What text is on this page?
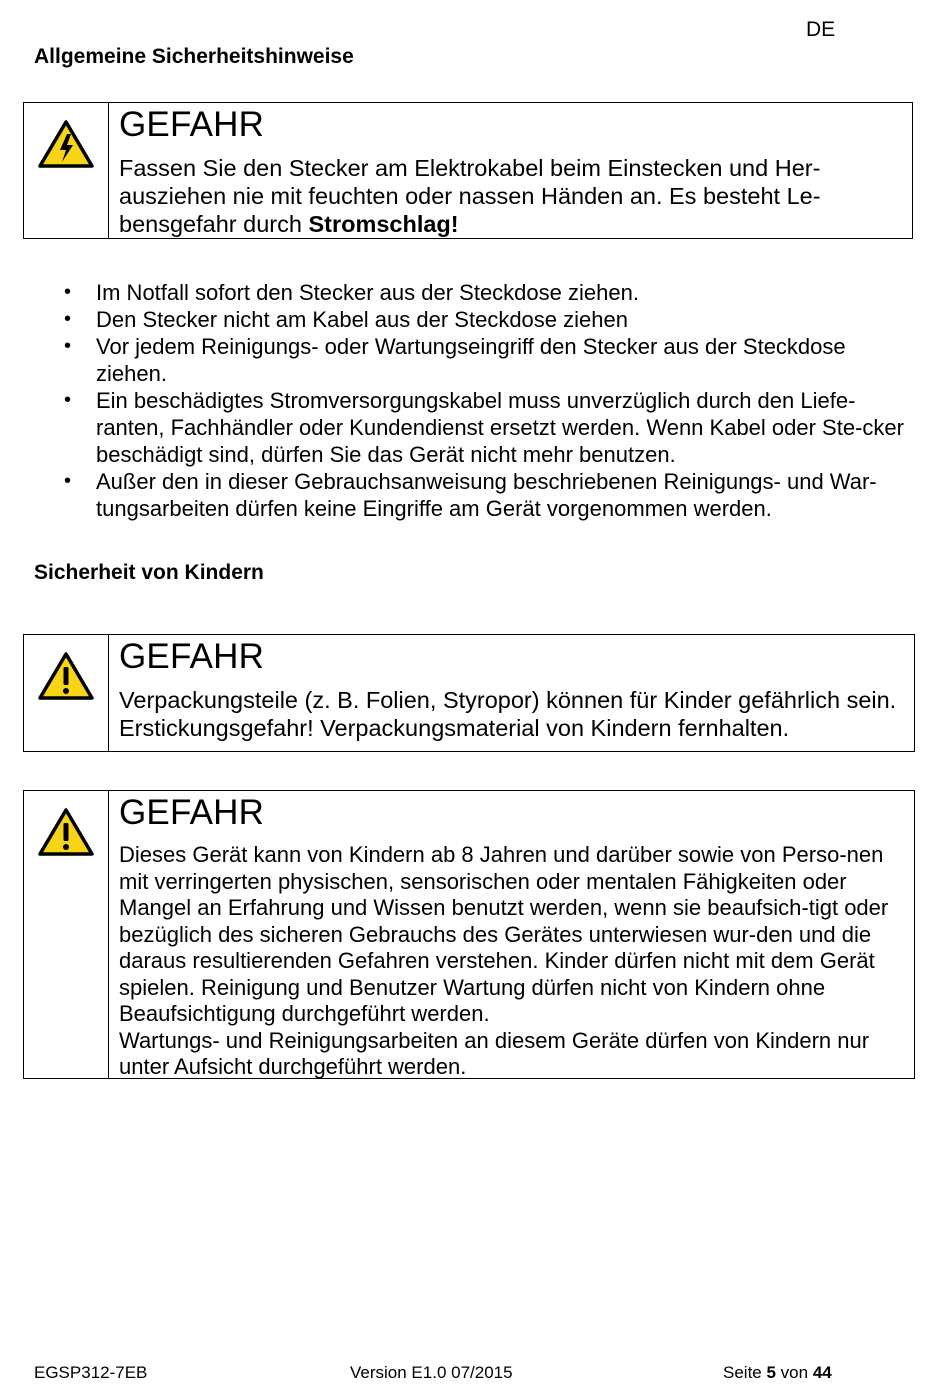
DE
Allgemeine Sicherheitshinweise
GEFAHR
Fassen Sie den Stecker am Elektrokabel beim Einstecken und Her-ausziehen nie mit feuchten oder nassen Händen an. Es besteht Le-bensgefahr durch Stromschlag!
• Im Notfall sofort den Stecker aus der Steckdose ziehen.
• Den Stecker nicht am Kabel aus der Steckdose ziehen
• Vor jedem Reinigungs- oder Wartungseingriff den Stecker aus der Steckdose ziehen.
• Ein beschädigtes Stromversorgungskabel muss unverzüglich durch den Liefe-ranten, Fachhändler oder Kundendienst ersetzt werden. Wenn Kabel oder Ste-cker beschädigt sind, dürfen Sie das Gerät nicht mehr benutzen.
• Außer den in dieser Gebrauchsanweisung beschriebenen Reinigungs- und War-tungsarbeiten dürfen keine Eingriffe am Gerät vorgenommen werden.
Sicherheit von Kindern
GEFAHR
Verpackungsteile (z. B. Folien, Styropor) können für Kinder gefährlich sein. Erstickungsgefahr! Verpackungsmaterial von Kindern fernhalten.
GEFAHR
Dieses Gerät kann von Kindern ab 8 Jahren und darüber sowie von Perso-nen mit verringerten physischen, sensorischen oder mentalen Fähigkeiten oder Mangel an Erfahrung und Wissen benutzt werden, wenn sie beaufsich-tigt oder bezüglich des sicheren Gebrauchs des Gerätes unterwiesen wur-den und die daraus resultierenden Gefahren verstehen. Kinder dürfen nicht mit dem Gerät spielen. Reinigung und Benutzer Wartung dürfen nicht von Kindern ohne Beaufsichtigung durchgeführt werden.
Wartungs- und Reinigungsarbeiten an diesem Geräte dürfen von Kindern nur unter Aufsicht durchgeführt werden.
EGSP312-7EB	Version E1.0 07/2015	Seite 5 von 44
